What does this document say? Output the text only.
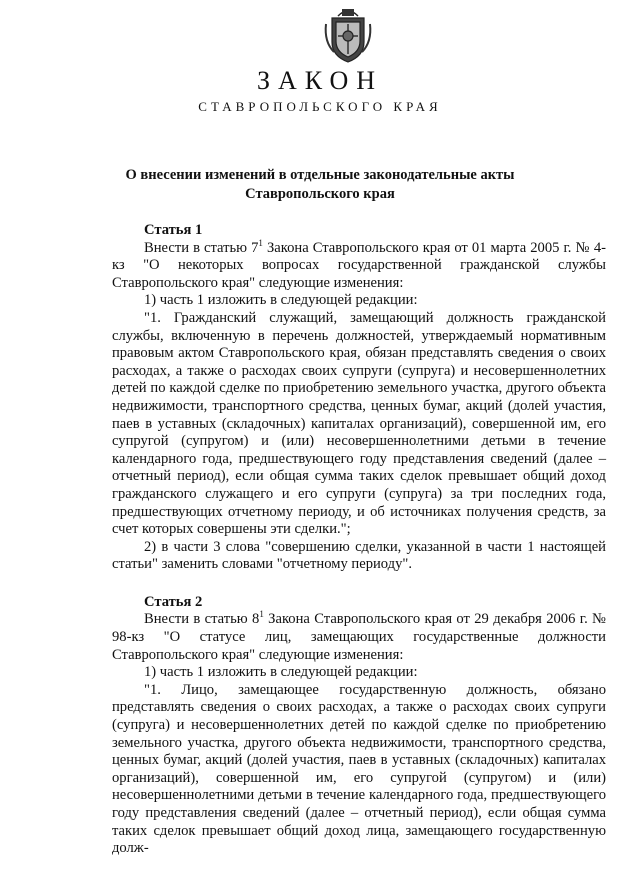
ЗАКОН
СТАВРОПОЛЬСКОГО КРАЯ
О внесении изменений в отдельные законодательные акты
Ставропольского края

Статья 1

Внести в статью $7^1$ Закона Ставропольского края от 01 марта 2005 г. № 4-кз "О некоторых вопросах государственной гражданской службы Ставропольского края" следующие изменения:

1) часть 1 изложить в следующей редакции:

"1. Гражданский служащий, замещающий должность гражданской службы, включенную в перечень должностей, утверждаемый нормативным правовым актом Ставропольского края, обязан представлять сведения о своих расходах, а также о расходах своих супруги (супруга) и несовершеннолетних детей по каждой сделке по приобретению земельного участка, другого объекта недвижимости, транспортного средства, ценных бумаг, акций (долей участия, паев в уставных (складочных) капиталах организаций), совершенной им, его супругой (супругом) и (или) несовершеннолетними детьми в течение календарного года, предшествующего году представления сведений (далее – отчетный период), если общая сумма таких сделок превышает общий доход гражданского служащего и его супруги (супруга) за три последних года, предшествующих отчетному периоду, и об источниках получения средств, за счет которых совершены эти сделки.";

2) в части 3 слова "совершению сделки, указанной в части 1 настоящей статьи" заменить словами "отчетному периоду".

Статья 2

Внести в статью $8^1$ Закона Ставропольского края от 29 декабря 2006 г. № 98-кз "О статусе лиц, замещающих государственные должности Ставропольского края" следующие изменения:

1) часть 1 изложить в следующей редакции:

"1. Лицо, замещающее государственную должность, обязано представлять сведения о своих расходах, а также о расходах своих супруги (супруга) и несовершеннолетних детей по каждой сделке по приобретению земельного участка, другого объекта недвижимости, транспортного средства, ценных бумаг, акций (долей участия, паев в уставных (складочных) капиталах организаций), совершенной им, его супругой (супругом) и (или) несовершеннолетними детьми в течение календарного года, предшествующего году представления сведений (далее – отчетный период), если общая сумма таких сделок превышает общий доход лица, замещающего государственную долж-
